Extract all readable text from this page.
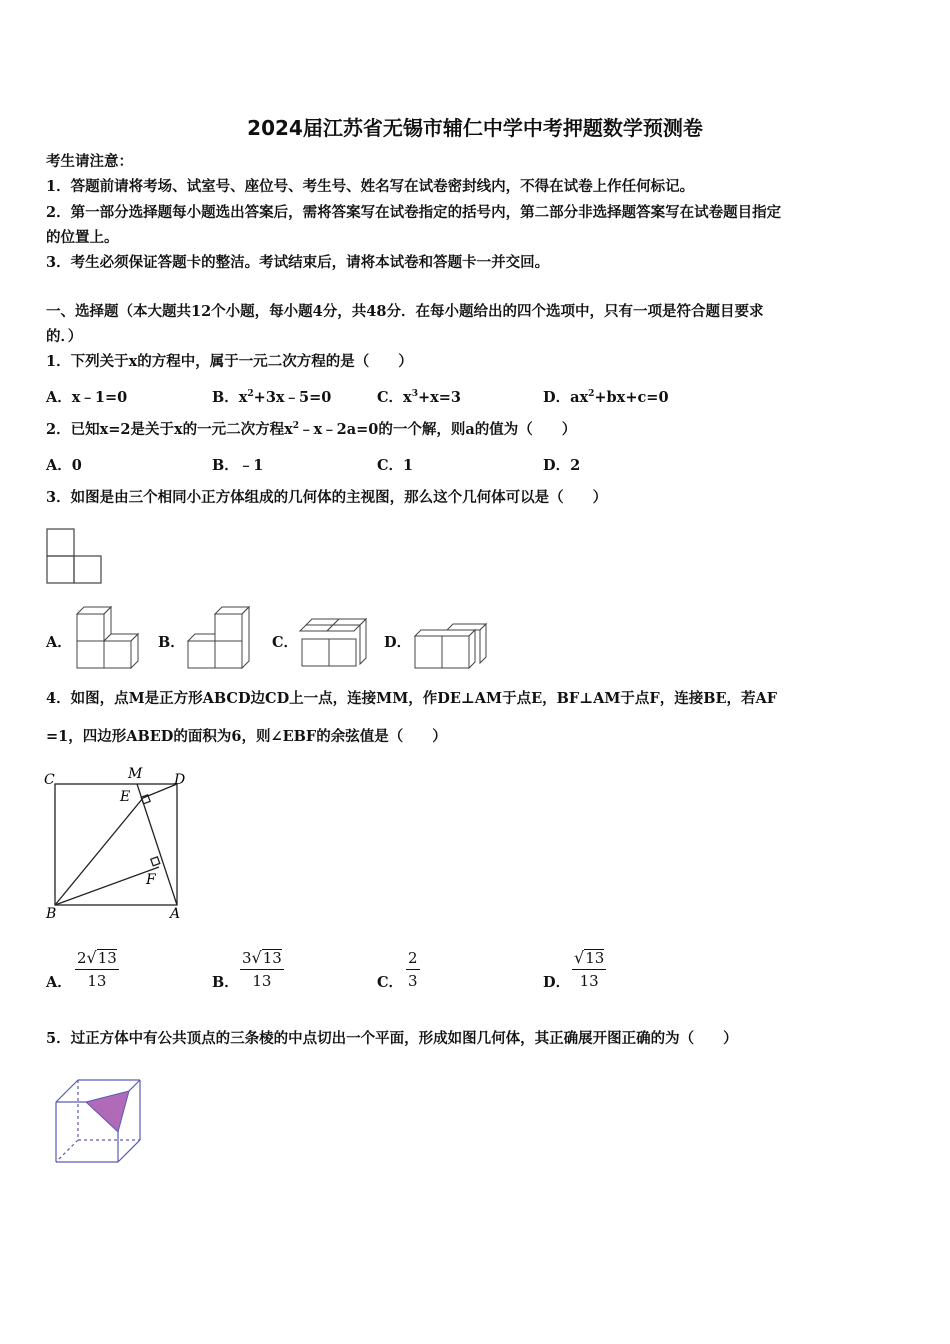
2024届江苏省无锡市辅仁中学中考押题数学预测卷
考生请注意：
1．答题前请将考场、试室号、座位号、考生号、姓名写在试卷密封线内，不得在试卷上作任何标记。
2．第一部分选择题每小题选出答案后，需将答案写在试卷指定的括号内，第二部分非选择题答案写在试卷题目指定
的位置上。
3．考生必须保证答题卡的整洁。考试结束后，请将本试卷和答题卡一并交回。
一、选择题（本大题共12个小题，每小题4分，共48分．在每小题给出的四个选项中，只有一项是符合题目要求
的．）
1．下列关于x的方程中，属于一元二次方程的是（　　）
A．x﹣1=0	B．$x^2+3x﹣5=0$	C．$x^3+x=3$	D．$ax^2+bx+c=0$
2．已知x=2是关于x的一元二次方程$x^2﹣x﹣2a=0$的一个解，则a的值为（　　）
A．0	B．﹣1	C．1	D．2
3．如图是由三个相同小正方体组成的几何体的主视图，那么这个几何体可以是（　　）
A．	B．	C．	D．
4．如图，点M是正方形ABCD边CD上一点，连接MM，作DE⊥AM于点E，BF⊥AM于点F，连接BE，若AF
=1，四边形ABED的面积为6，则∠EBF的余弦值是（　　）
C	M D
E
F
B	A
A． $\frac{2√13}{13}$	B． $\frac{3√13}{13}$	C． $\frac{2}{3}$	D． $\frac{√13}{13}$
5．过正方体中有公共顶点的三条棱的中点切出一个平面，形成如图几何体，其正确展开图正确的为（　　）
